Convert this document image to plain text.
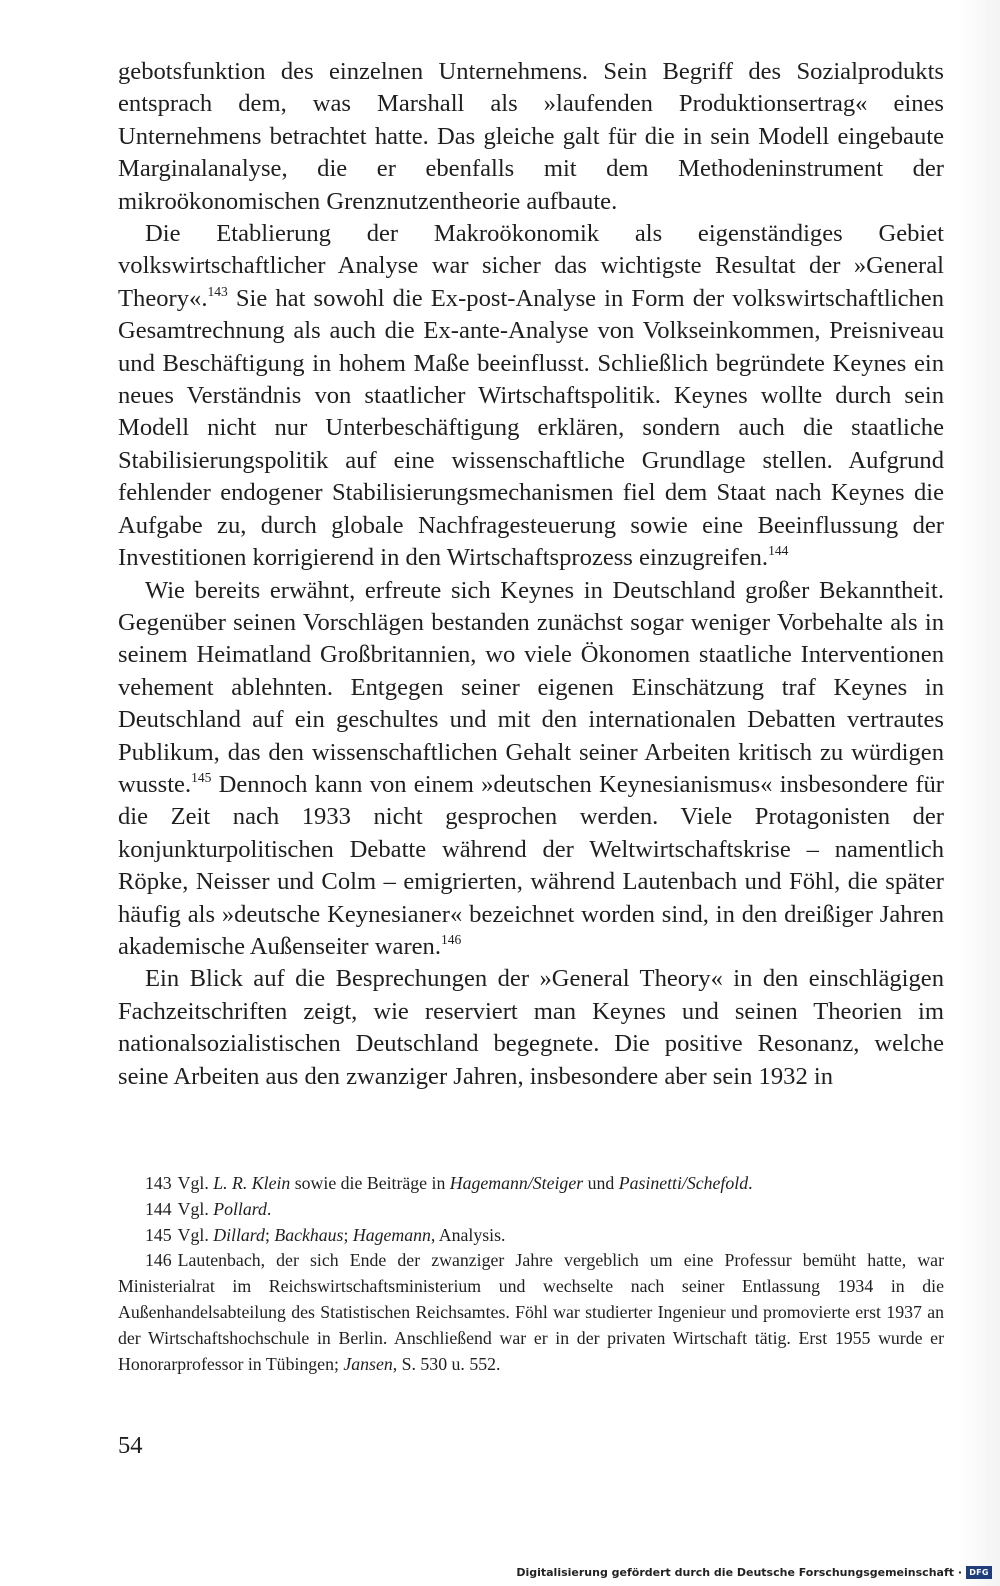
gebotsfunktion des einzelnen Unternehmens. Sein Begriff des Sozialprodukts entsprach dem, was Marshall als »laufenden Produktionsertrag« eines Unternehmens betrachtet hatte. Das gleiche galt für die in sein Modell eingebaute Marginalanalyse, die er ebenfalls mit dem Methodeninstrument der mikroökonomischen Grenznutzentheorie aufbaute.

Die Etablierung der Makroökonomik als eigenständiges Gebiet volkswirtschaftlicher Analyse war sicher das wichtigste Resultat der »General Theory«.$^{143}$ Sie hat sowohl die Ex-post-Analyse in Form der volkswirtschaftlichen Gesamtrechnung als auch die Ex-ante-Analyse von Volkseinkommen, Preisniveau und Beschäftigung in hohem Maße beeinflusst. Schließlich begründete Keynes ein neues Verständnis von staatlicher Wirtschaftspolitik. Keynes wollte durch sein Modell nicht nur Unterbeschäftigung erklären, sondern auch die staatliche Stabilisierungspolitik auf eine wissenschaftliche Grundlage stellen. Aufgrund fehlender endogener Stabilisierungsmechanismen fiel dem Staat nach Keynes die Aufgabe zu, durch globale Nachfragesteuerung sowie eine Beeinflussung der Investitionen korrigierend in den Wirtschaftsprozess einzugreifen.$^{144}$

Wie bereits erwähnt, erfreute sich Keynes in Deutschland großer Bekanntheit. Gegenüber seinen Vorschlägen bestanden zunächst sogar weniger Vorbehalte als in seinem Heimatland Großbritannien, wo viele Ökonomen staatliche Interventionen vehement ablehnten. Entgegen seiner eigenen Einschätzung traf Keynes in Deutschland auf ein geschultes und mit den internationalen Debatten vertrautes Publikum, das den wissenschaftlichen Gehalt seiner Arbeiten kritisch zu würdigen wusste.$^{145}$ Dennoch kann von einem »deutschen Keynesianismus« insbesondere für die Zeit nach 1933 nicht gesprochen werden. Viele Protagonisten der konjunkturpolitischen Debatte während der Weltwirtschaftskrise – namentlich Röpke, Neisser und Colm – emigrierten, während Lautenbach und Föhl, die später häufig als »deutsche Keynesianer« bezeichnet worden sind, in den dreißiger Jahren akademische Außenseiter waren.$^{146}$

Ein Blick auf die Besprechungen der »General Theory« in den einschlägigen Fachzeitschriften zeigt, wie reserviert man Keynes und seinen Theorien im nationalsozialistischen Deutschland begegnete. Die positive Resonanz, welche seine Arbeiten aus den zwanziger Jahren, insbesondere aber sein 1932 in

143 Vgl. L. R. Klein sowie die Beiträge in Hagemann/Steiger und Pasinetti/Schefold.

144 Vgl. Pollard.

145 Vgl. Dillard; Backhaus; Hagemann, Analysis.

146 Lautenbach, der sich Ende der zwanziger Jahre vergeblich um eine Professur bemüht hatte, war Ministerialrat im Reichswirtschaftsministerium und wechselte nach seiner Entlassung 1934 in die Außenhandelsabteilung des Statistischen Reichsamtes. Föhl war studierter Ingenieur und promovierte erst 1937 an der Wirtschaftshochschule in Berlin. Anschließend war er in der privaten Wirtschaft tätig. Erst 1955 wurde er Honorarprofessor in Tübingen; Jansen, S. 530 u. 552.

54
Digitalisierung gefördert durch die Deutsche Forschungsgemeinschaft · DFG
